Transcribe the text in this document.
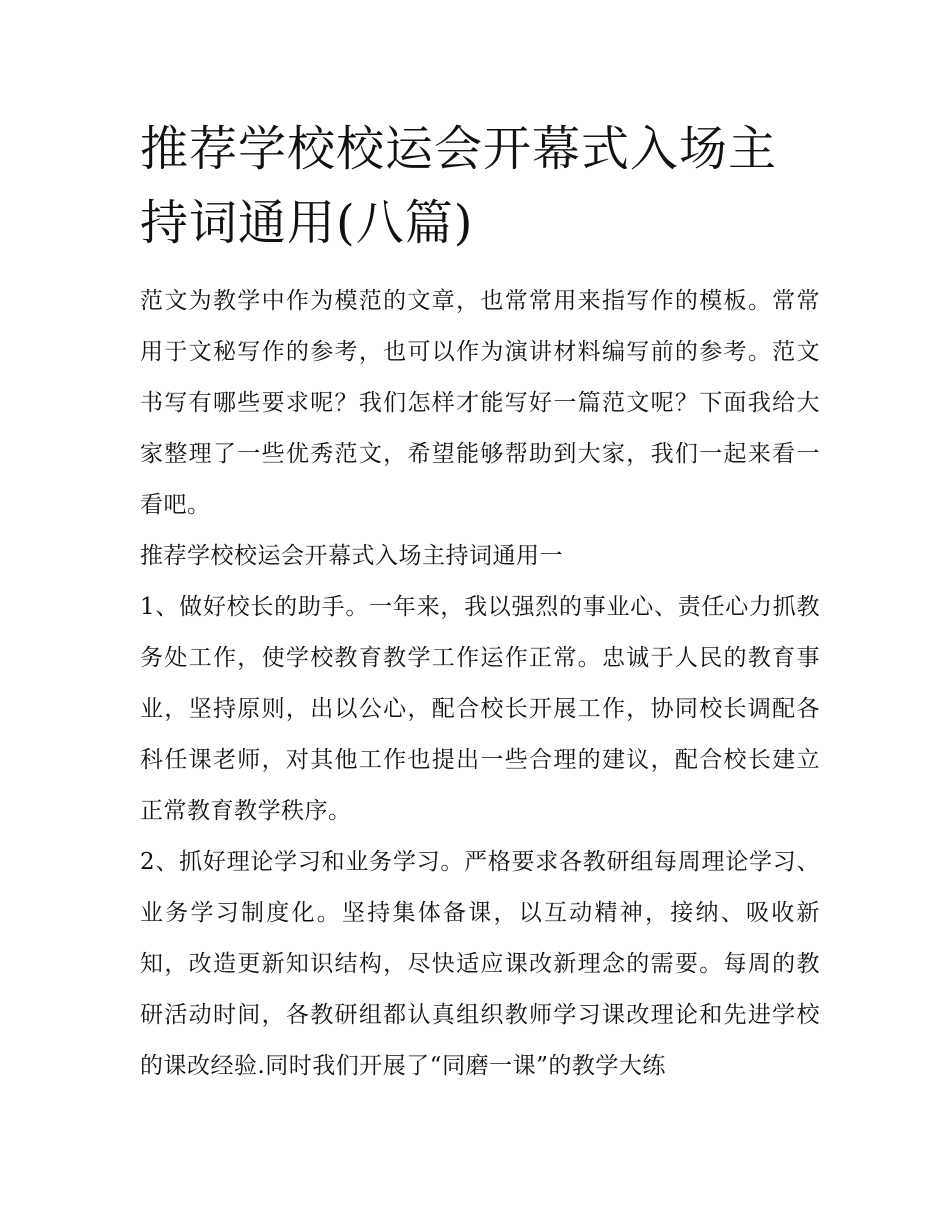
推荐学校校运会开幕式入场主持词通用(八篇)

范文为教学中作为模范的文章，也常常用来指写作的模板。常常用于文秘写作的参考，也可以作为演讲材料编写前的参考。范文书写有哪些要求呢？我们怎样才能写好一篇范文呢？下面我给大家整理了一些优秀范文，希望能够帮助到大家，我们一起来看一看吧。

推荐学校校运会开幕式入场主持词通用一

1、做好校长的助手。一年来，我以强烈的事业心、责任心力抓教务处工作，使学校教育教学工作运作正常。忠诚于人民的教育事业，坚持原则，出以公心，配合校长开展工作，协同校长调配各科任课老师，对其他工作也提出一些合理的建议，配合校长建立正常教育教学秩序。

2、抓好理论学习和业务学习。严格要求各教研组每周理论学习、业务学习制度化。坚持集体备课，以互动精神，接纳、吸收新知，改造更新知识结构，尽快适应课改新理念的需要。每周的教研活动时间，各教研组都认真组织教师学习课改理论和先进学校的课改经验.同时我们开展了“同磨一课”的教学大练
